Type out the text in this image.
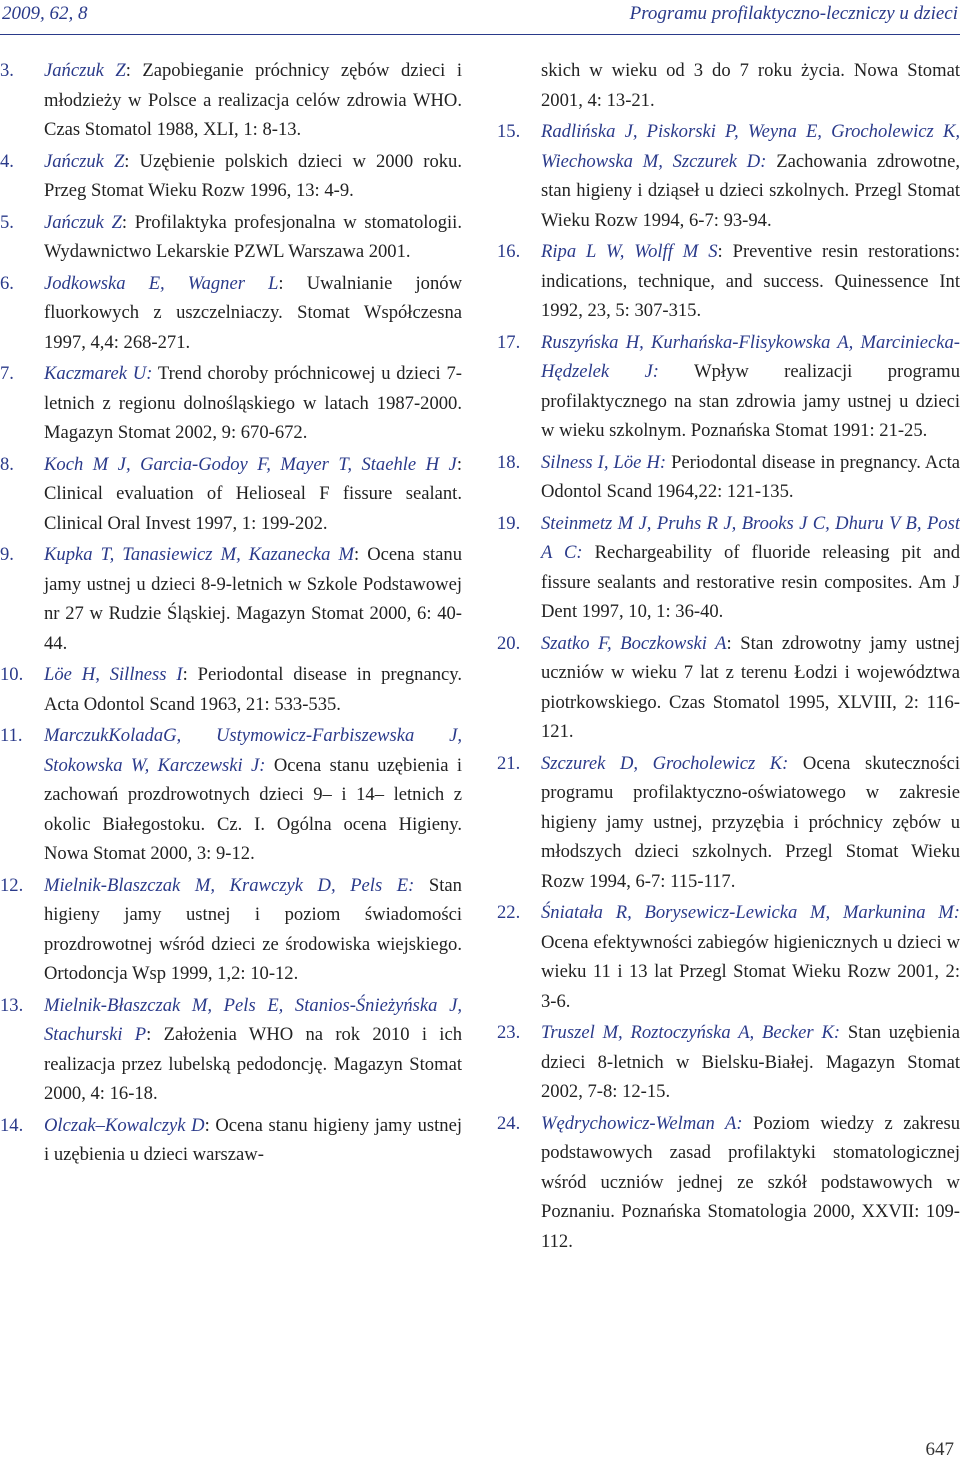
2009, 62, 8	Programu profilaktyczno-leczniczy u dzieci
3. Jańczuk Z: Zapobieganie próchnicy zębów dzieci i młodzieży w Polsce a realizacja celów zdrowia WHO. Czas Stomatol 1988, XLI, 1: 8-13.
4. Jańczuk Z: Uzębienie polskich dzieci w 2000 roku. Przeg Stomat Wieku Rozw 1996, 13: 4-9.
5. Jańczuk Z: Profilaktyka profesjonalna w stomatologii. Wydawnictwo Lekarskie PZWL Warszawa 2001.
6. Jodkowska E, Wagner L: Uwalnianie jonów fluorkowych z uszczelniaczy. Stomat Współczesna 1997, 4,4: 268-271.
7. Kaczmarek U: Trend choroby próchnicowej u dzieci 7-letnich z regionu dolnośląskiego w latach 1987-2000. Magazyn Stomat 2002, 9: 670-672.
8. Koch M J, Garcia-Godoy F, Mayer T, Staehle H J: Clinical evaluation of Helioseal F fissure sealant. Clinical Oral Invest 1997, 1: 199-202.
9. Kupka T, Tanasiewicz M, Kazanecka M: Ocena stanu jamy ustnej u dzieci 8-9-letnich w Szkole Podstawowej nr 27 w Rudzie Śląskiej. Magazyn Stomat 2000, 6: 40-44.
10. Löe H, Sillness I: Periodontal disease in pregnancy. Acta Odontol Scand 1963, 21: 533-535.
11. MarczukKoladaG, Ustymowicz-Farbiszewska J, Stokowska W, Karczewski J: Ocena stanu uzębienia i zachowań prozdrowotnych dzieci 9– i 14– letnich z okolic Białegostoku. Cz. I. Ogólna ocena Higieny. Nowa Stomat 2000, 3: 9-12.
12. Mielnik-Blaszczak M, Krawczyk D, Pels E: Stan higieny jamy ustnej i poziom świadomości prozdrowotnej wśród dzieci ze środowiska wiejskiego. Ortodoncja Wsp 1999, 1,2: 10-12.
13. Mielnik-Błaszczak M, Pels E, Stanios-Śnieżyńska J, Stachurski P: Założenia WHO na rok 2010 i ich realizacja przez lubelską pedodoncję. Magazyn Stomat 2000, 4: 16-18.
14. Olczak–Kowalczyk D: Ocena stanu higieny jamy ustnej i uzębienia u dzieci warszaw-
skich w wieku od 3 do 7 roku życia. Nowa Stomat 2001, 4: 13-21.
15. Radlińska J, Piskorski P, Weyna E, Grocholewicz K, Wiechowska M, Szczurek D: Zachowania zdrowotne, stan higieny i dziąseł u dzieci szkolnych. Przegl Stomat Wieku Rozw 1994, 6-7: 93-94.
16. Ripa L W, Wolff M S: Preventive resin restorations: indications, technique, and success. Quinessence Int 1992, 23, 5: 307-315.
17. Ruszyńska H, Kurhańska-Flisykowska A, Marciniecka-Hędzelek J: Wpływ realizacji programu profilaktycznego na stan zdrowia jamy ustnej u dzieci w wieku szkolnym. Poznańska Stomat 1991: 21-25.
18. Silness I, Löe H: Periodontal disease in pregnancy. Acta Odontol Scand 1964,22: 121-135.
19. Steinmetz M J, Pruhs R J, Brooks J C, Dhuru V B, Post A C: Rechargeability of fluoride releasing pit and fissure sealants and restorative resin composites. Am J Dent 1997, 10, 1: 36-40.
20. Szatko F, Boczkowski A: Stan zdrowotny jamy ustnej uczniów w wieku 7 lat z terenu Łodzi i województwa piotrkowskiego. Czas Stomatol 1995, XLVIII, 2: 116-121.
21. Szczurek D, Grocholewicz K: Ocena skuteczności programu profilaktyczno-oświatowego w zakresie higieny jamy ustnej, przyzębia i próchnicy zębów u młodszych dzieci szkolnych. Przegl Stomat Wieku Rozw 1994, 6-7: 115-117.
22. Śniatała R, Borysewicz-Lewicka M, Markunina M: Ocena efektywności zabiegów higienicznych u dzieci w wieku 11 i 13 lat Przegl Stomat Wieku Rozw 2001, 2: 3-6.
23. Truszel M, Roztoczyńska A, Becker K: Stan uzębienia dzieci 8-letnich w Bielsku-Białej. Magazyn Stomat 2002, 7-8: 12-15.
24. Wędrychowicz-Welman A: Poziom wiedzy z zakresu podstawowych zasad profilaktyki stomatologicznej wśród uczniów jednej ze szkół podstawowych w Poznaniu. Poznańska Stomatologia 2000, XXVII: 109-112.
647
